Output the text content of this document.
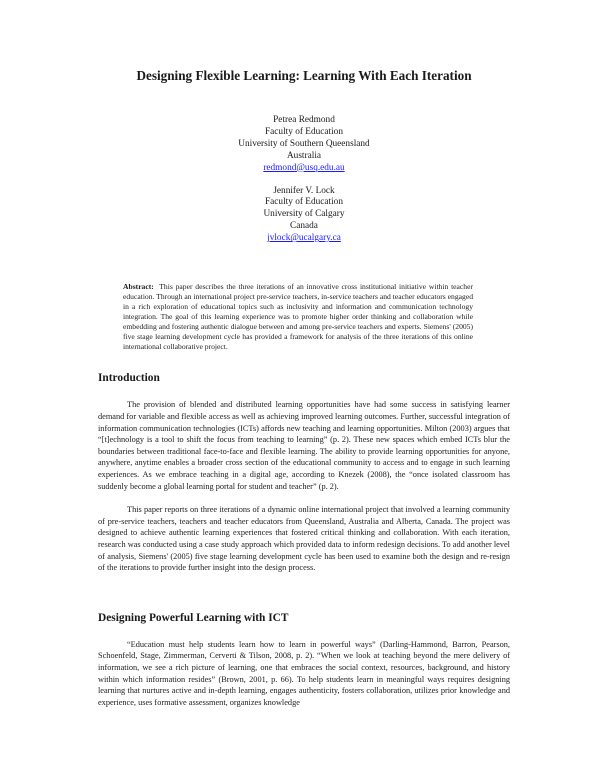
Designing Flexible Learning: Learning With Each Iteration
Petrea Redmond
Faculty of Education
University of Southern Queensland
Australia
redmond@usq.edu.au
Jennifer V. Lock
Faculty of Education
University of Calgary
Canada
jvlock@ucalgary.ca
Abstract: This paper describes the three iterations of an innovative cross institutional initiative within teacher education. Through an international project pre-service teachers, in-service teachers and teacher educators engaged in a rich exploration of educational topics such as inclusivity and information and communication technology integration. The goal of this learning experience was to promote higher order thinking and collaboration while embedding and fostering authentic dialogue between and among pre-service teachers and experts. Siemens' (2005) five stage learning development cycle has provided a framework for analysis of the three iterations of this online international collaborative project.
Introduction

The provision of blended and distributed learning opportunities have had some success in satisfying learner demand for variable and flexible access as well as achieving improved learning outcomes. Further, successful integration of information communication technologies (ICTs) affords new teaching and learning opportunities. Milton (2003) argues that “[t]echnology is a tool to shift the focus from teaching to learning” (p. 2). These new spaces which embed ICTs blur the boundaries between traditional face-to-face and flexible learning. The ability to provide learning opportunities for anyone, anywhere, anytime enables a broader cross section of the educational community to access and to engage in such learning experiences. As we embrace teaching in a digital age, according to Knezek (2008), the “once isolated classroom has suddenly become a global learning portal for student and teacher” (p. 2).

This paper reports on three iterations of a dynamic online international project that involved a learning community of pre-service teachers, teachers and teacher educators from Queensland, Australia and Alberta, Canada. The project was designed to achieve authentic learning experiences that fostered critical thinking and collaboration. With each iteration, research was conducted using a case study approach which provided data to inform redesign decisions. To add another level of analysis, Siemens' (2005) five stage learning development cycle has been used to examine both the design and re-resign of the iterations to provide further insight into the design process.

Designing Powerful Learning with ICT

“Education must help students learn how to learn in powerful ways” (Darling-Hammond, Barron, Pearson, Schoenfeld, Stage, Zimmerman, Cerverti & Tilson, 2008, p. 2). “When we look at teaching beyond the mere delivery of information, we see a rich picture of learning, one that embraces the social context, resources, background, and history within which information resides” (Brown, 2001, p. 66). To help students learn in meaningful ways requires designing learning that nurtures active and in-depth learning, engages authenticity, fosters collaboration, utilizes prior knowledge and experience, uses formative assessment, organizes knowledge
